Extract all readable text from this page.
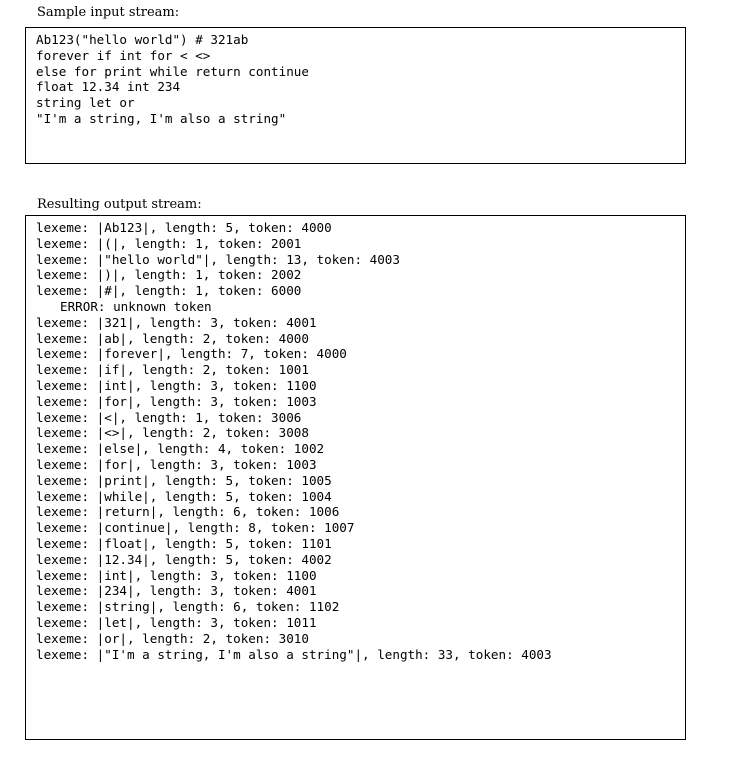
Sample input stream:

Ab123("hello world") # 321ab
forever if int for < <>
else for print while return continue
float 12.34 int 234
string let or
"I'm a string, I'm also a string"

Resulting output stream:

lexeme: |Ab123|, length: 5, token: 4000
lexeme: |(|, length: 1, token: 2001
lexeme: |"hello world"|, length: 13, token: 4003
lexeme: |)|, length: 1, token: 2002
lexeme: |#|, length: 1, token: 6000
ERROR: unknown token
lexeme: |321|, length: 3, token: 4001
lexeme: |ab|, length: 2, token: 4000
lexeme: |forever|, length: 7, token: 4000
lexeme: |if|, length: 2, token: 1001
lexeme: |int|, length: 3, token: 1100
lexeme: |for|, length: 3, token: 1003
lexeme: |<|, length: 1, token: 3006
lexeme: |<>|, length: 2, token: 3008
lexeme: |else|, length: 4, token: 1002
lexeme: |for|, length: 3, token: 1003
lexeme: |print|, length: 5, token: 1005
lexeme: |while|, length: 5, token: 1004
lexeme: |return|, length: 6, token: 1006
lexeme: |continue|, length: 8, token: 1007
lexeme: |float|, length: 5, token: 1101
lexeme: |12.34|, length: 5, token: 4002
lexeme: |int|, length: 3, token: 1100
lexeme: |234|, length: 3, token: 4001
lexeme: |string|, length: 6, token: 1102
lexeme: |let|, length: 3, token: 1011
lexeme: |or|, length: 2, token: 3010
lexeme: |"I'm a string, I'm also a string"|, length: 33, token: 4003
